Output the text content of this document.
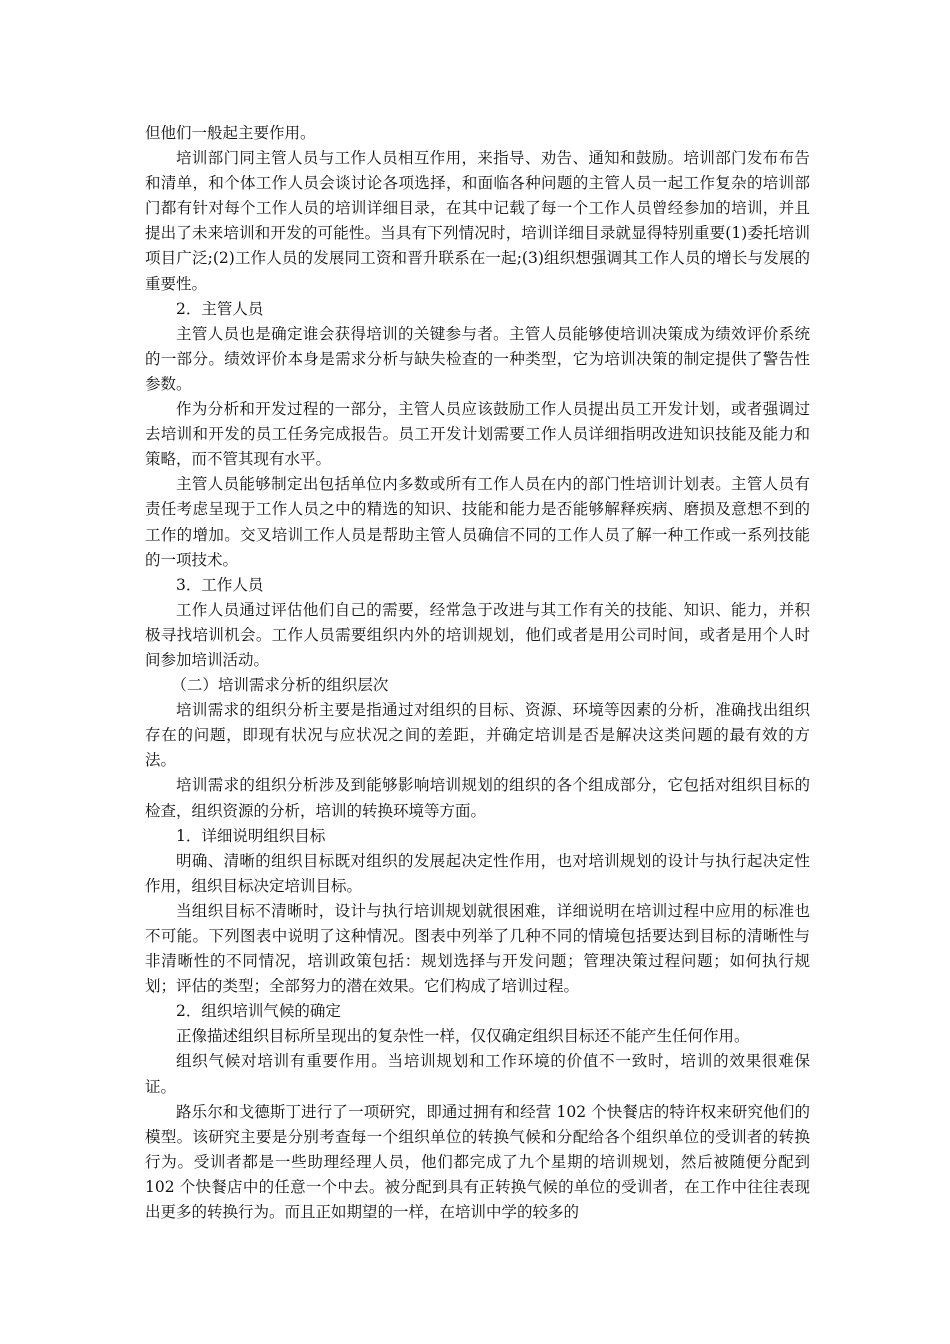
但他们一般起主要作用。

培训部门同主管人员与工作人员相互作用，来指导、劝告、通知和鼓励。培训部门发布布告和清单，和个体工作人员会谈讨论各项选择，和面临各种问题的主管人员一起工作复杂的培训部门都有针对每个工作人员的培训详细目录，在其中记载了每一个工作人员曾经参加的培训，并且提出了未来培训和开发的可能性。当具有下列情况时，培训详细目录就显得特别重要(1)委托培训项目广泛;(2)工作人员的发展同工资和晋升联系在一起;(3)组织想强调其工作人员的增长与发展的重要性。

2．主管人员

主管人员也是确定谁会获得培训的关键参与者。主管人员能够使培训决策成为绩效评价系统的一部分。绩效评价本身是需求分析与缺失检查的一种类型，它为培训决策的制定提供了警告性参数。

作为分析和开发过程的一部分，主管人员应该鼓励工作人员提出员工开发计划，或者强调过去培训和开发的员工任务完成报告。员工开发计划需要工作人员详细指明改进知识技能及能力和策略，而不管其现有水平。

主管人员能够制定出包括单位内多数或所有工作人员在内的部门性培训计划表。主管人员有责任考虑呈现于工作人员之中的精选的知识、技能和能力是否能够解释疾病、磨损及意想不到的工作的增加。交叉培训工作人员是帮助主管人员确信不同的工作人员了解一种工作或一系列技能的一项技术。

3．工作人员

工作人员通过评估他们自己的需要，经常急于改进与其工作有关的技能、知识、能力，并积极寻找培训机会。工作人员需要组织内外的培训规划，他们或者是用公司时间，或者是用个人时间参加培训活动。

（二）培训需求分析的组织层次

培训需求的组织分析主要是指通过对组织的目标、资源、环境等因素的分析，准确找出组织存在的问题，即现有状况与应状况之间的差距，并确定培训是否是解决这类问题的最有效的方法。

培训需求的组织分析涉及到能够影响培训规划的组织的各个组成部分，它包括对组织目标的检查，组织资源的分析，培训的转换环境等方面。

1．详细说明组织目标

明确、清晰的组织目标既对组织的发展起决定性作用，也对培训规划的设计与执行起决定性作用，组织目标决定培训目标。

当组织目标不清晰时，设计与执行培训规划就很困难，详细说明在培训过程中应用的标准也不可能。下列图表中说明了这种情况。图表中列举了几种不同的情境包括要达到目标的清晰性与非清晰性的不同情况，培训政策包括：规划选择与开发问题；管理决策过程问题；如何执行规划；评估的类型；全部努力的潜在效果。它们构成了培训过程。

2．组织培训气候的确定

正像描述组织目标所呈现出的复杂性一样，仅仅确定组织目标还不能产生任何作用。

组织气候对培训有重要作用。当培训规划和工作环境的价值不一致时，培训的效果很难保证。

路乐尔和戈德斯丁进行了一项研究，即通过拥有和经营 102 个快餐店的特许权来研究他们的模型。该研究主要是分别考查每一个组织单位的转换气候和分配给各个组织单位的受训者的转换行为。受训者都是一些助理经理人员，他们都完成了九个星期的培训规划，然后被随便分配到 102 个快餐店中的任意一个中去。被分配到具有正转换气候的单位的受训者，在工作中往往表现出更多的转换行为。而且正如期望的一样，在培训中学的较多的
